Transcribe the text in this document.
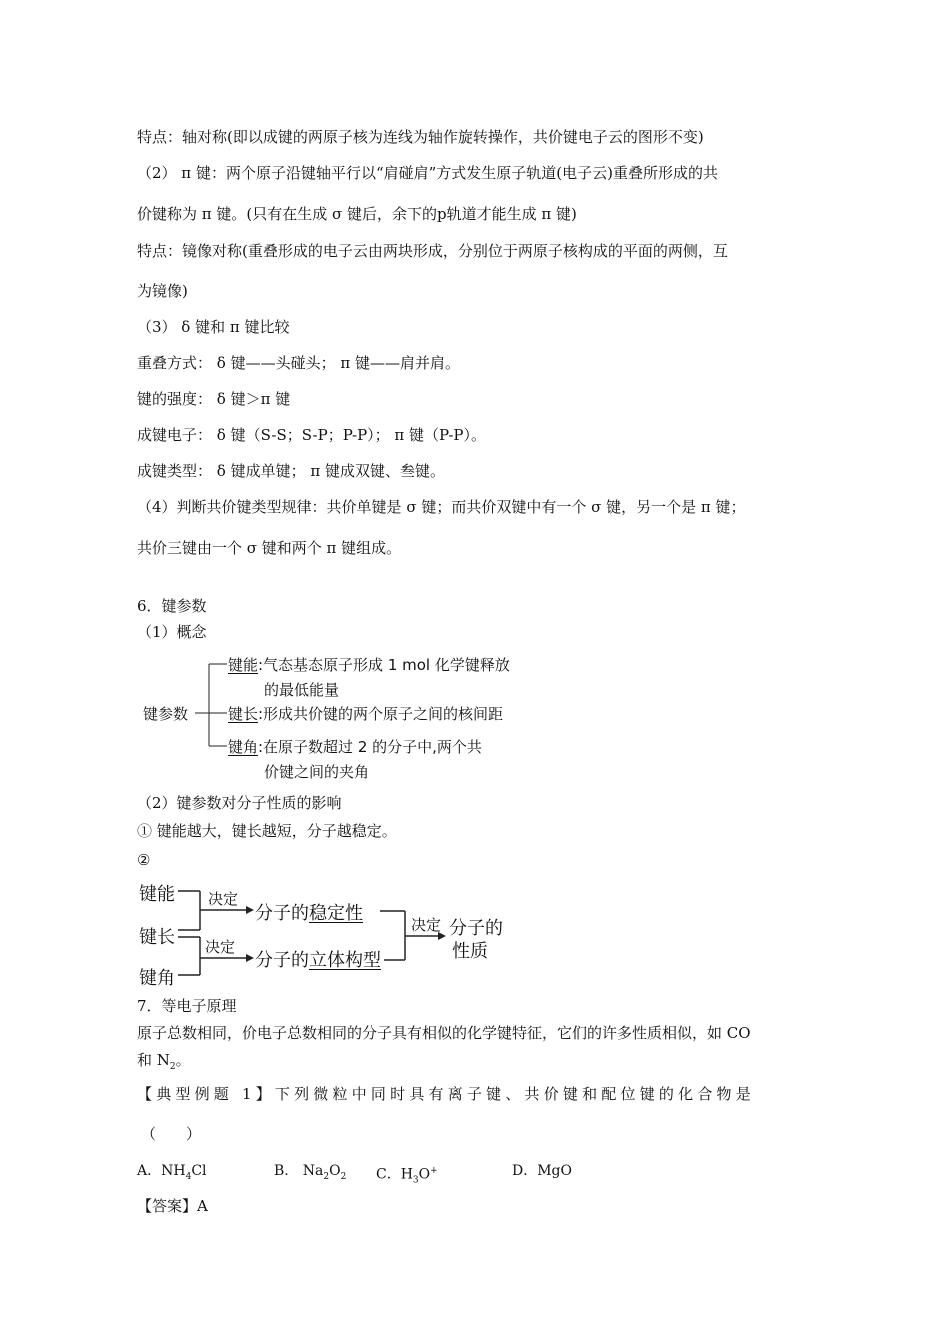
特点：轴对称(即以成键的两原子核为连线为轴作旋转操作，共价键电子云的图形不变)
（2） π 键：两个原子沿键轴平行以“肩碰肩”方式发生原子轨道(电子云)重叠所形成的共
价键称为 π 键。(只有在生成 σ 键后，余下的p轨道才能生成 π 键)
特点：镜像对称(重叠形成的电子云由两块形成，分别位于两原子核构成的平面的两侧，互
为镜像)
（3） δ 键和 π 键比较
重叠方式： δ 键——头碰头； π 键——肩并肩。
键的强度： δ 键＞π 键
成键电子： δ 键（S-S；S-P；P-P）； π 键（P-P）。
成键类型： δ 键成单键； π 键成双键、叁键。
（4）判断共价键类型规律：共价单键是 σ 键；而共价双键中有一个 σ 键，另一个是 π 键；
共价三键由一个 σ 键和两个 π 键组成。
6．键参数
（1）概念
键参数
键能 :气态基态原子形成 1 mol 化学键释放
的最低能量
键长 :形成共价键的两个原子之间的核间距
键角 :在原子数超过 2 的分子中,两个共
价键之间的夹角
（2）键参数对分子性质的影响
① 键能越大，键长越短，分子越稳定。
②
键能
键长
键角
决定
决定
决定
分子的稳定性
分子的立体构型
分子的
性质
7．等电子原理
原子总数相同，价电子总数相同的分子具有相似的化学键特征，它们的许多性质相似，如 CO
和 $N_2$。
【典型例题 1】下列微粒中同时具有离子键、共价键和配位键的化合物是
（　　）
A．$NH_4Cl$	B.　$Na_2O_2$ C．$H_3O^+$	D．MgO
【答案】A
